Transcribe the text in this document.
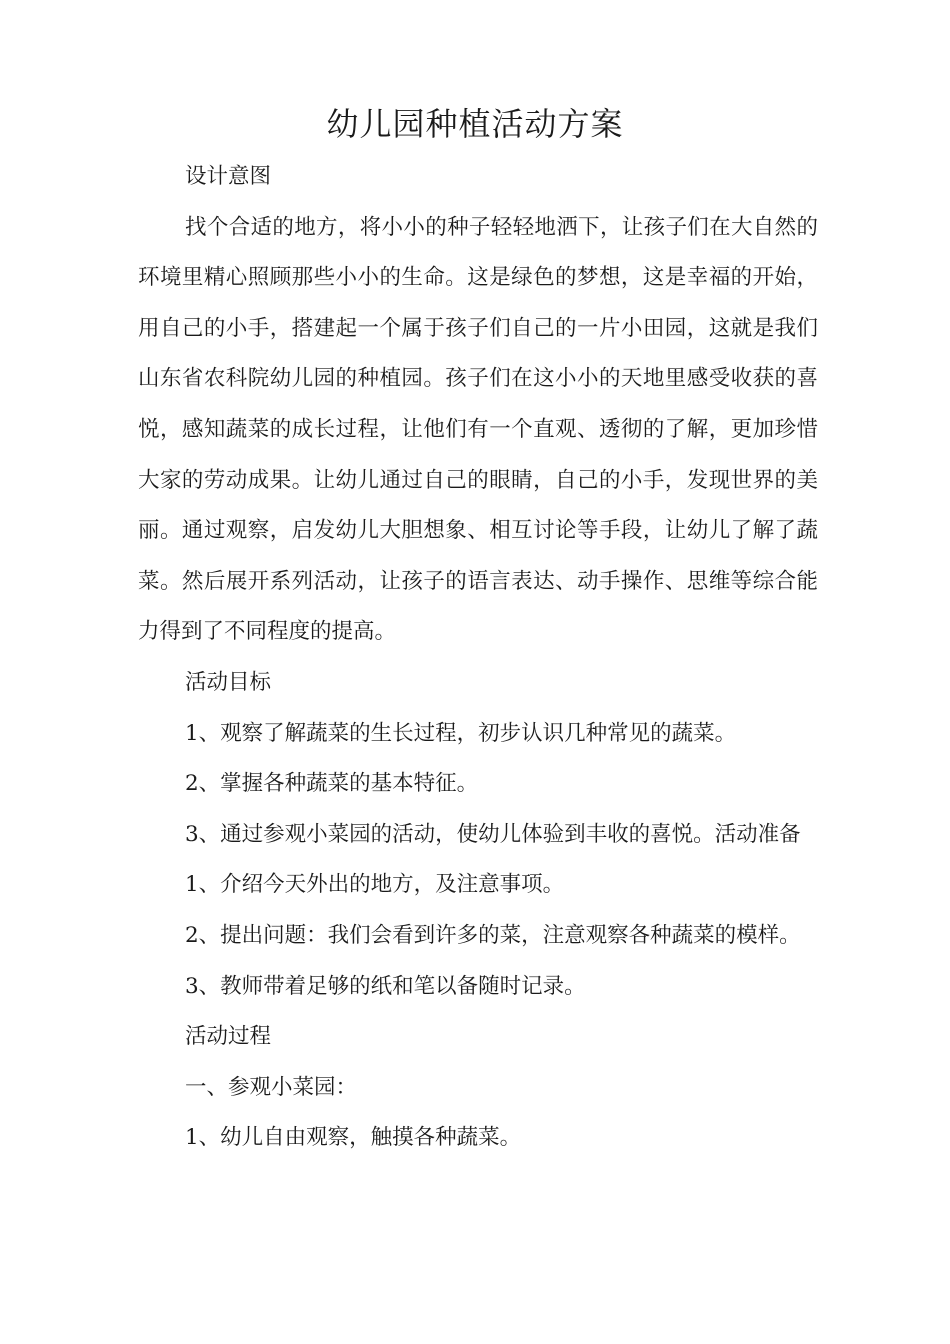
幼儿园种植活动方案

设计意图

找个合适的地方，将小小的种子轻轻地洒下，让孩子们在大自然的环境里精心照顾那些小小的生命。这是绿色的梦想，这是幸福的开始，用自己的小手，搭建起一个属于孩子们自己的一片小田园，这就是我们山东省农科院幼儿园的种植园。孩子们在这小小的天地里感受收获的喜悦，感知蔬菜的成长过程，让他们有一个直观、透彻的了解，更加珍惜大家的劳动成果。让幼儿通过自己的眼睛，自己的小手，发现世界的美丽。通过观察，启发幼儿大胆想象、相互讨论等手段，让幼儿了解了蔬菜。然后展开系列活动，让孩子的语言表达、动手操作、思维等综合能力得到了不同程度的提高。

活动目标

1、观察了解蔬菜的生长过程，初步认识几种常见的蔬菜。

2、掌握各种蔬菜的基本特征。

3、通过参观小菜园的活动，使幼儿体验到丰收的喜悦。活动准备

1、介绍今天外出的地方，及注意事项。

2、提出问题：我们会看到许多的菜，注意观察各种蔬菜的模样。

3、教师带着足够的纸和笔以备随时记录。

活动过程

一、参观小菜园：

1、幼儿自由观察，触摸各种蔬菜。
